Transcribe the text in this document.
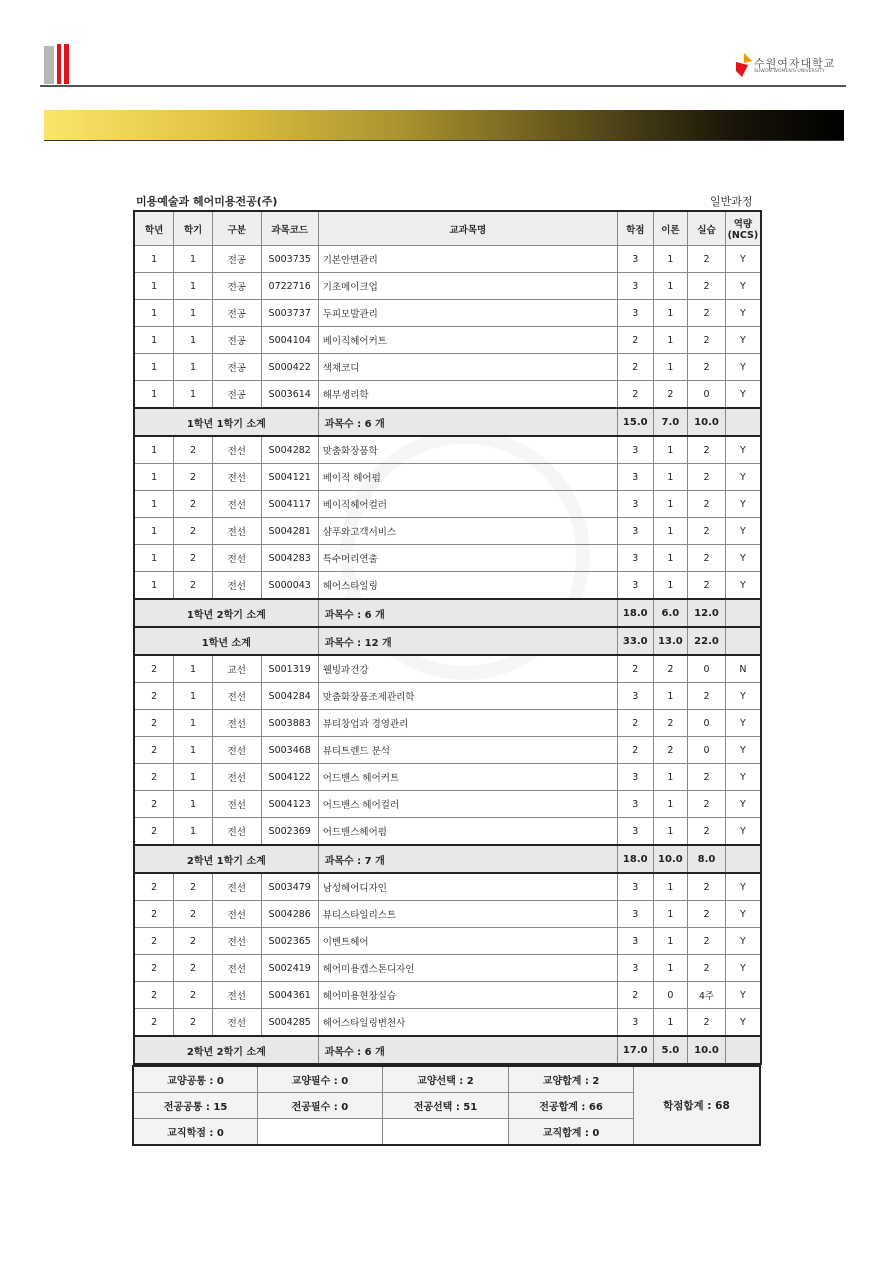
수원여자대학교
SUWON WOMEN'S UNIVERSITY
미용예술과 헤어미용전공(주)	일반과정
학년	학기	구분	과목코드	교과목명	학점	이론	실습	역량 (NCS)
1	1	전공	S003735	기본안면관리	3	1	2	Y
1	1	전공	0722716	기초메이크업	3	1	2	Y
1	1	전공	S003737	두피모발관리	3	1	2	Y
1	1	전공	S004104	베이직헤어커트	2	1	2	Y
1	1	전공	S000422	색채코디	2	1	2	Y
1	1	전공	S003614	해부생리학	2	2	0	Y
1학년 1학기 소계				과목수 : 6 개	15.0	7.0	10.0	
1	2	전선	S004282	맞춤화장품학	3	1	2	Y
1	2	전선	S004121	베이직 헤어펌	3	1	2	Y
1	2	전선	S004117	베이직헤어컬러	3	1	2	Y
1	2	전선	S004281	샴푸와고객서비스	3	1	2	Y
1	2	전선	S004283	특수머리연출	3	1	2	Y
1	2	전선	S000043	헤어스타일링	3	1	2	Y
1학년 2학기 소계				과목수 : 6 개	18.0	6.0	12.0	
1학년 소계				과목수 : 12 개	33.0	13.0	22.0	
2	1	교선	S001319	웰빙과건강	2	2	0	N
2	1	전선	S004284	맞춤화장품조제관리학	3	1	2	Y
2	1	전선	S003883	뷰티창업과 경영관리	2	2	0	Y
2	1	전선	S003468	뷰티트렌드 분석	2	2	0	Y
2	1	전선	S004122	어드밴스 헤어커트	3	1	2	Y
2	1	전선	S004123	어드밴스 헤어컬러	3	1	2	Y
2	1	전선	S002369	어드밴스헤어펌	3	1	2	Y
2학년 1학기 소계				과목수 : 7 개	18.0	10.0	8.0	
2	2	전선	S003479	남성헤어디자인	3	1	2	Y
2	2	전선	S004286	뷰티스타일리스트	3	1	2	Y
2	2	전선	S002365	이벤트헤어	3	1	2	Y
2	2	전선	S002419	헤어미용캡스톤디자인	3	1	2	Y
2	2	전선	S004361	헤어미용현장실습	2	0	4주	Y
2	2	전선	S004285	헤어스타일링변천사	3	1	2	Y
2학년 2학기 소계				과목수 : 6 개	17.0	5.0	10.0	
교양공통 : 0	교양필수 : 0	교양선택 : 2	교양합계 : 2	학점합계 : 68
전공공통 : 15	전공필수 : 0	전공선택 : 51	전공합계 : 66	
교직학점 : 0			교직합계 : 0	
